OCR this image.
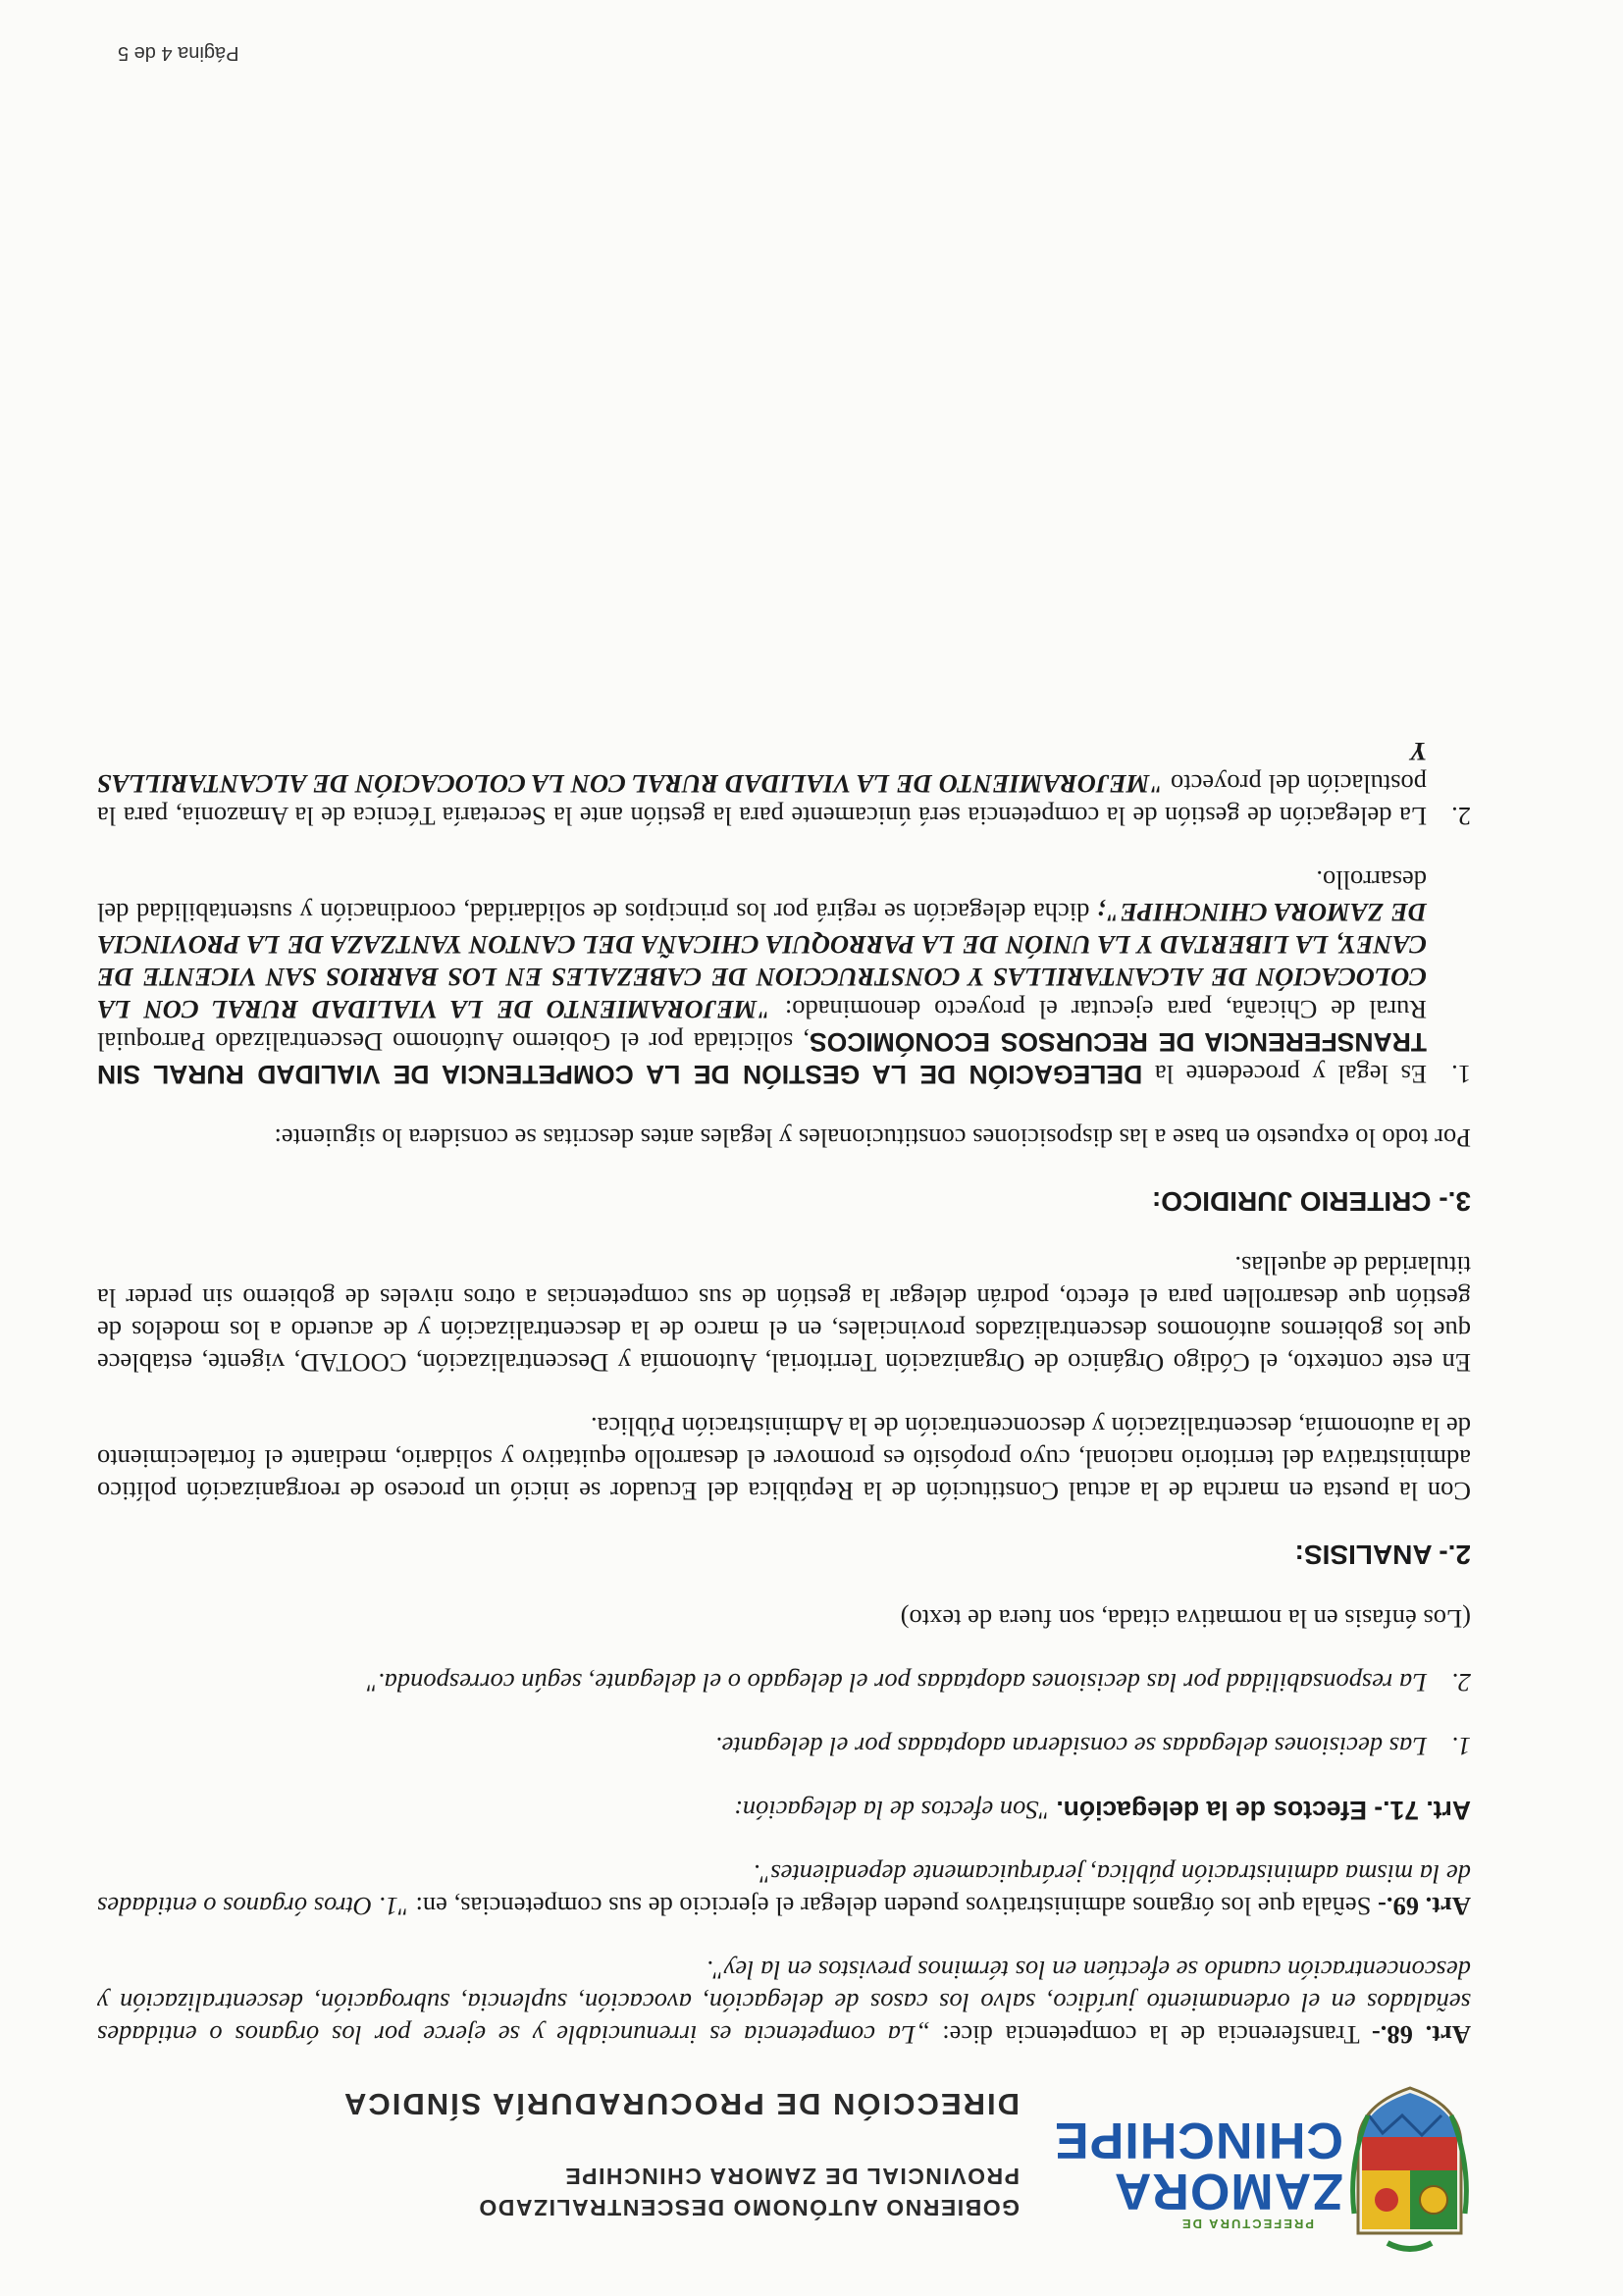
PREFECTURA DE
ZAMORA
CHINCHIPE
GOBIERNO AUTÓNOMO DESCENTRALIZADO
PROVINCIAL DE ZAMORA CHINCHIPE
DIRECCIÓN DE PROCURADURÍA SÍNDICA

Art. 68.- Transferencia de la competencia dice: „La competencia es irrenunciable y se ejerce por los órganos o entidades señalados en el ordenamiento jurídico, salvo los casos de delegación, avocación, suplencia, subrogación, descentralización y desconcentración cuando se efectúen en los términos previstos en la ley".

Art. 69.- Señala que los órganos administrativos pueden delegar el ejercicio de sus competencias, en: "1. Otros órganos o entidades de la misma administración pública, jerárquicamente dependientes".

Art. 71.- Efectos de la delegación. "Son efectos de la delegación:

1.
Las decisiones delegadas se consideran adoptadas por el delegante.
2.
La responsabilidad por las decisiones adoptadas por el delegado o el delegante, según corresponda."

(Los énfasis en la normativa citada, son fuera de texto)

2.- ANALISIS:

Con la puesta en marcha de la actual Constitución de la República del Ecuador se inició un proceso de reorganización político administrativa del territorio nacional, cuyo propósito es promover el desarrollo equitativo y solidario, mediante el fortalecimiento de la autonomía, descentralización y desconcentración de la Administración Pública.

En este contexto, el Código Orgánico de Organización Territorial, Autonomía y Descentralización, COOTAD, vigente, establece que los gobiernos autónomos descentralizados provinciales, en el marco de la descentralización y de acuerdo a los modelos de gestión que desarrollen para el efecto, podrán delegar la gestión de sus competencias a otros niveles de gobierno sin perder la titularidad de aquellas.

3.- CRITERIO JURIDICO:

Por todo lo expuesto en base a las disposiciones constitucionales y legales antes descritas se considera lo siguiente:

1.
Es legal y procedente la DELEGACIÓN DE LA GESTIÓN DE LA COMPETENCIA DE VIALIDAD RURAL SIN TRANSFERENCIA DE RECURSOS ECONÓMICOS, solicitada por el Gobierno Autónomo Descentralizado Parroquial Rural de Chicaña, para ejecutar el proyecto denominado: "MEJORAMIENTO DE LA VIALIDAD RURAL CON LA COLOCACIÓN DE ALCANTARILLAS Y CONSTRUCCION DE CABEZALES EN LOS BARRIOS SAN VICENTE DE CANEY, LA LIBERTAD Y LA UNIÓN DE LA PARROQUIA CHICAÑA DEL CANTON YANTZAZA DE LA PROVINCIA DE ZAMORA CHINCHIPE"; dicha delegación se regirá por los principios de solidaridad, coordinación y sustentabilidad del desarrollo.
2.
La delegación de gestión de la competencia será únicamente para la gestión ante la Secretaría Técnica de la Amazonia, para la postulación del proyecto "MEJORAMIENTO DE LA VIALIDAD RURAL CON LA COLOCACIÓN DE ALCANTARILLAS Y
Página 4 de 5
